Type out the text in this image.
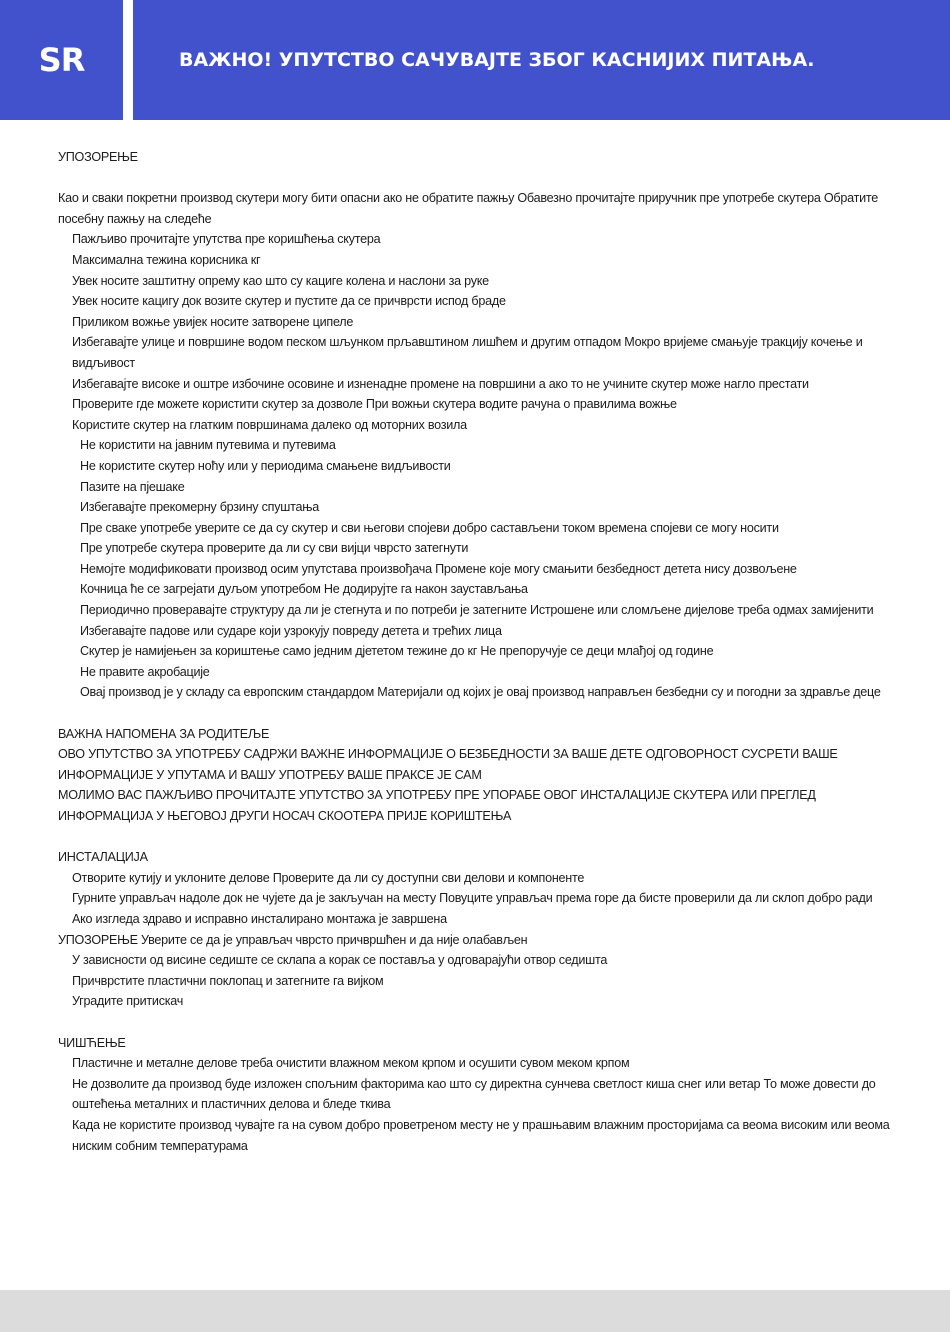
SR	ВАЖНО! УПУТСТВО САЧУВАЈТЕ ЗБОГ КАСНИЈИХ ПИТАЊА.

УПОЗОРЕЊЕ

Као и сваки покретни производ скутери могу бити опасни ако не обратите пажњу Обавезно прочитајте приручник пре употребе скутера Обратите посебну пажњу на следеће

Пажљиво прочитајте упутства пре коришћења скутера

Максимална тежина корисника кг

Увек носите заштитну опрему као што су кациге колена и наслони за руке

Увек носите кацигу док возите скутер и пустите да се причврсти испод браде

Приликом вожње увијек носите затворене ципеле

Избегавајте улице и површине водом песком шљунком прљавштином лишћем и другим отпадом Мокро вријеме смањује тракцију кочење и видљивост

Избегавајте високе и оштре избочине осовине и изненадне промене на површини а ако то не учините скутер може нагло престати

Проверите где можете користити скутер за дозволе При вожњи скутера водите рачуна о правилима вожње

Користите скутер на глатким површинама далеко од моторних возила

Не користити на јавним путевима и путевима

Не користите скутер ноћу или у периодима смањене видљивости

Пазите на пјешаке

Избегавајте прекомерну брзину спуштања

Пре сваке употребе уверите се да су скутер и сви његови спојеви добро састављени током времена спојеви се могу носити

Пре употребе скутера проверите да ли су сви вијци чврсто затегнути

Немојте модификовати производ осим упутстава произвођача Промене које могу смањити безбедност детета нису дозвољене

Кочница ће се загрејати дуљом употребом Не додирујте га након заустављања

Периодично проверавајте структуру да ли је стегнута и по потреби је затегните Истрошене или сломљене дијелове треба одмах замијенити

Избегавајте падове или сударе који узрокују повреду детета и трећих лица

Скутер је намијењен за кориштење само једним дјететом тежине до кг Не препоручује се деци млађој од године

Не правите акробације

Овај производ је у складу са европским стандардом Материјали од којих је овај производ направљен безбедни су и погодни за здравље деце

ВАЖНА НАПОМЕНА ЗА РОДИТЕЉЕ

ОВО УПУТСТВО ЗА УПОТРЕБУ САДРЖИ ВАЖНЕ ИНФОРМАЦИЈЕ О БЕЗБЕДНОСТИ ЗА ВАШЕ ДЕТЕ ОДГОВОРНОСТ СУСРЕТИ ВАШЕ ИНФОРМАЦИЈЕ У УПУТАМА И ВАШУ УПОТРЕБУ ВАШЕ ПРАКСЕ ЈЕ САМ

МОЛИМО ВАС ПАЖЉИВО ПРОЧИТАЈТЕ УПУТСТВО ЗА УПОТРЕБУ ПРЕ УПОРАБЕ ОВОГ ИНСТАЛАЦИЈЕ СКУТЕРА ИЛИ ПРЕГЛЕД ИНФОРМАЦИЈА У ЊЕГОВОЈ ДРУГИ НОСАЧ СКООТЕРА ПРИЈЕ КОРИШТЕЊА

ИНСТАЛАЦИЈА

Отворите кутију и уклоните делове Проверите да ли су доступни сви делови и компоненте

Гурните управљач надоле док не чујете да је закључан на месту Повуците управљач према горе да бисте проверили да ли склоп добро ради Ако изгледа здраво и исправно инсталирано монтажа је завршена

УПОЗОРЕЊЕ Уверите се да је управљач чврсто причвршћен и да није олабављен

У зависности од висине седиште се склапа а корак се поставља у одговарајући отвор седишта

Причврстите пластични поклопац и затегните га вијком

Уградите притискач

ЧИШЋЕЊЕ

Пластичне и металне делове треба очистити влажном меком крпом и осушити сувом меком крпом

Не дозволите да производ буде изложен спољним факторима као што су директна сунчева светлост киша снег или ветар То може довести до оштећења металних и пластичних делова и бледе ткива

Када не користите производ чувајте га на сувом добро проветреном месту не у прашњавим влажним просторијама са веома високим или веома ниским собним температурама
